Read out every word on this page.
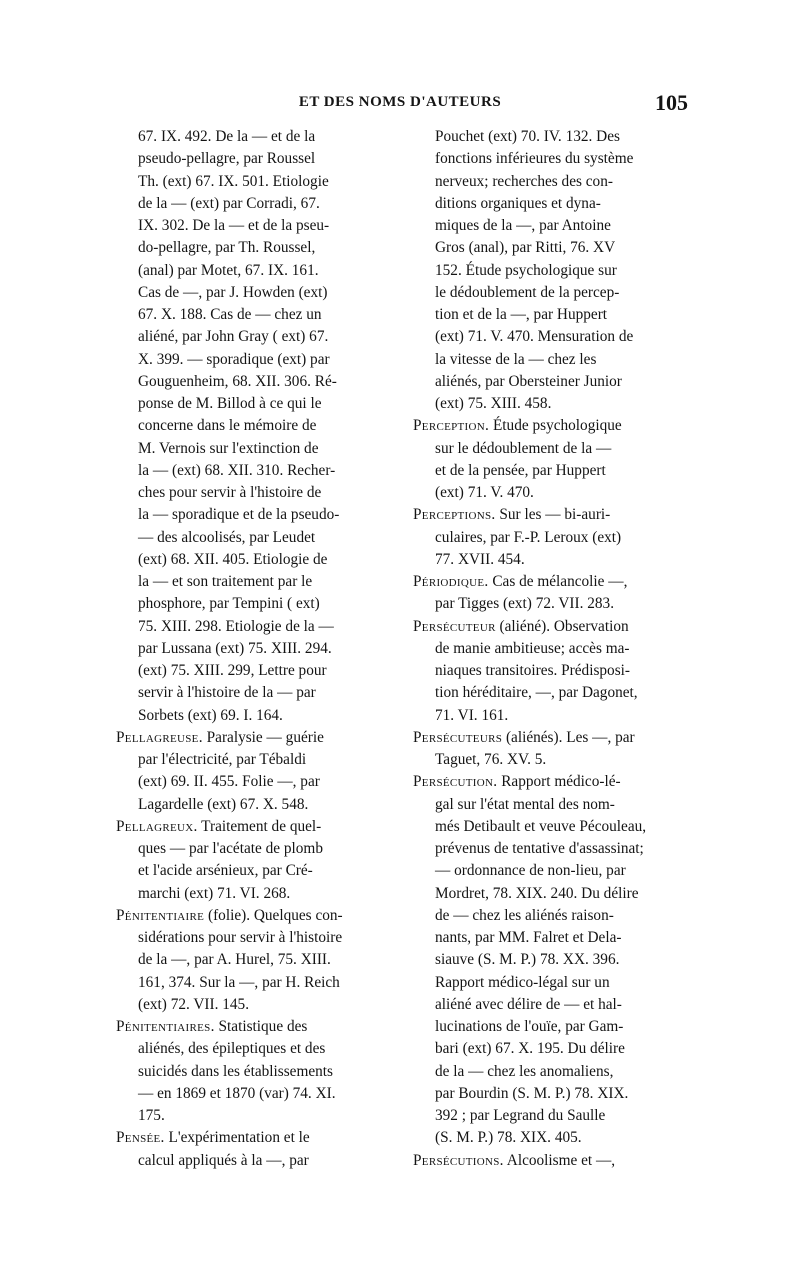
ET DES NOMS D'AUTEURS	105
67. IX. 492. De la — et de la
pseudo-pellagre, par Roussel
Th. (ext) 67. IX. 501. Etiologie
de la — (ext) par Corradi, 67.
IX. 302. De la — et de la pseu-
do-pellagre, par Th. Roussel,
(anal) par Motet, 67. IX. 161.
Cas de —, par J. Howden (ext)
67. X. 188. Cas de — chez un
aliéné, par John Gray ( ext) 67.
X. 399. — sporadique (ext) par
Gouguenheim, 68. XII. 306. Ré-
ponse de M. Billod à ce qui le
concerne dans le mémoire de
M. Vernois sur l'extinction de
la — (ext) 68. XII. 310. Recher-
ches pour servir à l'histoire de
la — sporadique et de la pseudo-
— des alcoolisés, par Leudet
(ext) 68. XII. 405. Etiologie de
la — et son traitement par le
phosphore, par Tempini ( ext)
75. XIII. 298. Etiologie de la —
par Lussana (ext) 75. XIII. 294.
(ext) 75. XIII. 299, Lettre pour
servir à l'histoire de la — par
Sorbets (ext) 69. I. 164.
Pellagreuse. Paralysie — guérie
par l'électricité, par Tébaldi
(ext) 69. II. 455. Folie —, par
Lagardelle (ext) 67. X. 548.
Pellagreux. Traitement de quel-
ques — par l'acétate de plomb
et l'acide arsénieux, par Cré-
marchi (ext) 71. VI. 268.
Pénitentiaire (folie). Quelques con-
sidérations pour servir à l'histoire
de la —, par A. Hurel, 75. XIII.
161, 374. Sur la —, par H. Reich
(ext) 72. VII. 145.
Pénitentiaires. Statistique des
aliénés, des épileptiques et des
suicidés dans les établissements
— en 1869 et 1870 (var) 74. XI.
175.
Pensée. L'expérimentation et le
calcul appliqués à la —, par
Pouchet (ext) 70. IV. 132. Des
fonctions inférieures du système
nerveux; recherches des con-
ditions organiques et dyna-
miques de la —, par Antoine
Gros (anal), par Ritti, 76. XV
152. Étude psychologique sur
le dédoublement de la percep-
tion et de la —, par Huppert
(ext) 71. V. 470. Mensuration de
la vitesse de la — chez les
aliénés, par Obersteiner Junior
(ext) 75. XIII. 458.
Perception. Étude psychologique
sur le dédoublement de la —
et de la pensée, par Huppert
(ext) 71. V. 470.
Perceptions. Sur les — bi-auri-
culaires, par F.-P. Leroux (ext)
77. XVII. 454.
Périodique. Cas de mélancolie —,
par Tigges (ext) 72. VII. 283.
Persécuteur (aliéné). Observation
de manie ambitieuse; accès ma-
niaques transitoires. Prédisposi-
tion héréditaire, —, par Dagonet,
71. VI. 161.
Persécuteurs (aliénés). Les —, par
Taguet, 76. XV. 5.
Persécution. Rapport médico-lé-
gal sur l'état mental des nom-
més Detibault et veuve Pécouleau,
prévenus de tentative d'assassinat;
— ordonnance de non-lieu, par
Mordret, 78. XIX. 240. Du délire
de — chez les aliénés raison-
nants, par MM. Falret et Dela-
siauve (S. M. P.) 78. XX. 396.
Rapport médico-légal sur un
aliéné avec délire de — et hal-
lucinations de l'ouïe, par Gam-
bari (ext) 67. X. 195. Du délire
de la — chez les anomaliens,
par Bourdin (S. M. P.) 78. XIX.
392 ; par Legrand du Saulle
(S. M. P.) 78. XIX. 405.
Persécutions. Alcoolisme et —,
